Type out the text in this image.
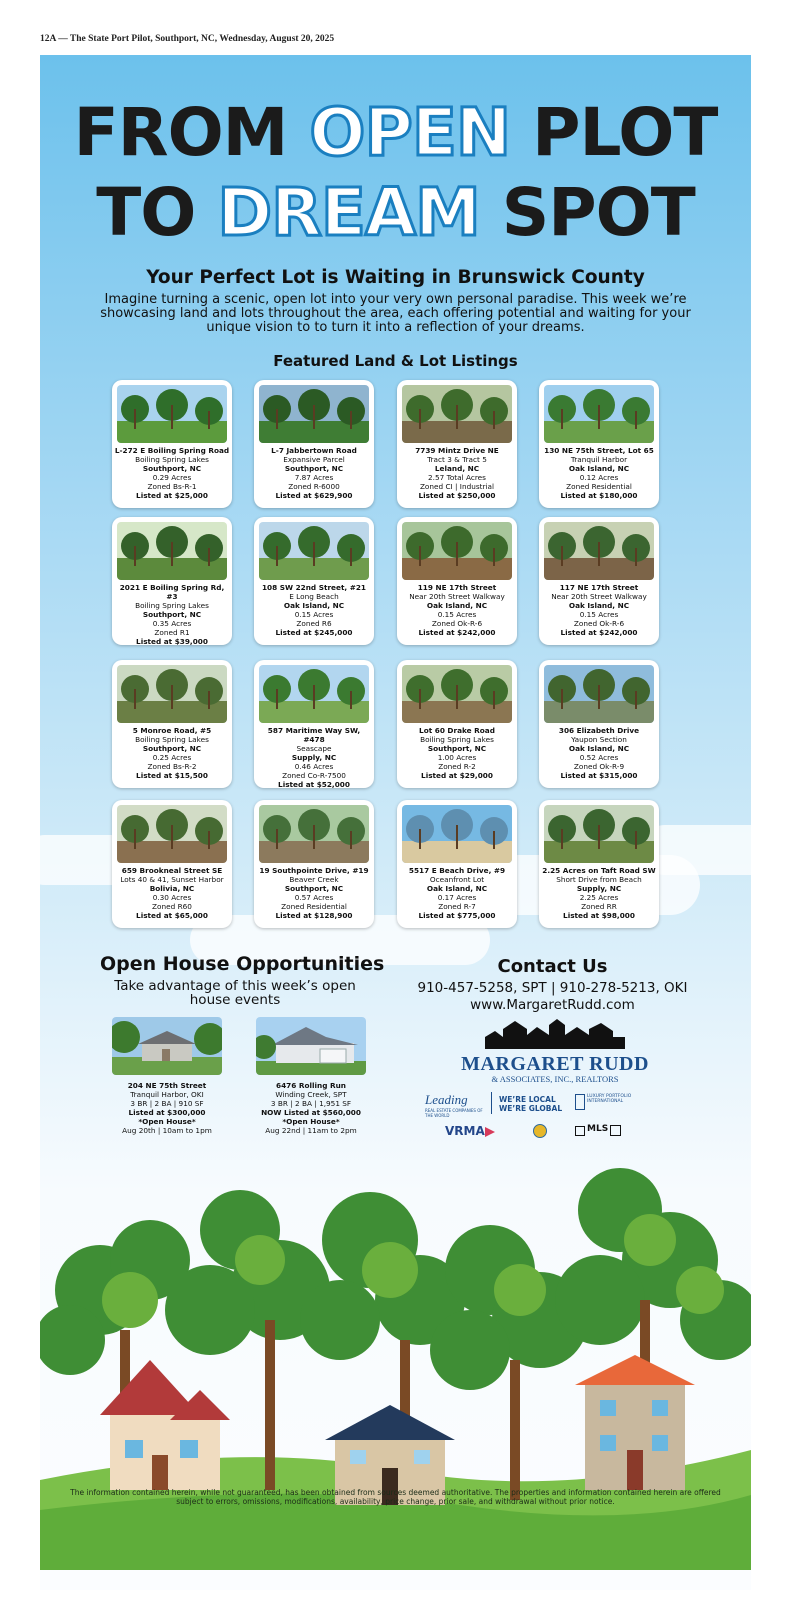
12A — The State Port Pilot, Southport, NC, Wednesday, August 20, 2025
FROM OPEN PLOT
TO DREAM SPOT
Your Perfect Lot is Waiting in Brunswick County
Imagine turning a scenic, open lot into your very own personal paradise. This week we’re showcasing land and lots throughout the area, each offering potential and waiting for your unique vision to to turn it into a reflection of your dreams.
Featured Land & Lot Listings
L-272 E Boiling Spring Road
Boiling Spring Lakes
Southport, NC
0.29 Acres
Zoned Bs-R-1
Listed at $25,000
L-7 Jabbertown Road
Expansive Parcel
Southport, NC
7.87 Acres
Zoned R-6000
Listed at $629,900
7739 Mintz Drive NE
Tract 3 & Tract 5
Leland, NC
2.57 Total Acres
Zoned CI | Industrial
Listed at $250,000
130 NE 75th Street, Lot 65
Tranquil Harbor
Oak Island, NC
0.12 Acres
Zoned Residential
Listed at $180,000
2021 E Boiling Spring Rd, #3
Boiling Spring Lakes
Southport, NC
0.35 Acres
Zoned R1
Listed at $39,000
108 SW 22nd Street, #21
E Long Beach
Oak Island, NC
0.15 Acres
Zoned R6
Listed at $245,000
119 NE 17th Street
Near 20th Street Walkway
Oak Island, NC
0.15 Acres
Zoned Ok-R-6
Listed at $242,000
117 NE 17th Street
Near 20th Street Walkway
Oak Island, NC
0.15 Acres
Zoned Ok-R-6
Listed at $242,000
5 Monroe Road, #5
Boiling Spring Lakes
Southport, NC
0.25 Acres
Zoned Bs-R-2
Listed at $15,500
587 Maritime Way SW, #478
Seascape
Supply, NC
0.46 Acres
Zoned Co-R-7500
Listed at $52,000
Lot 60 Drake Road
Boiling Spring Lakes
Southport, NC
1.00 Acres
Zoned R-2
Listed at $29,000
306 Elizabeth Drive
Yaupon Section
Oak Island, NC
0.52 Acres
Zoned Ok-R-9
Listed at $315,000
659 Brookneal Street SE
Lots 40 & 41, Sunset Harbor
Bolivia, NC
0.30 Acres
Zoned R60
Listed at $65,000
19 Southpointe Drive, #19
Beaver Creek
Southport, NC
0.57 Acres
Zoned Residential
Listed at $128,900
5517 E Beach Drive, #9
Oceanfront Lot
Oak Island, NC
0.17 Acres
Zoned R-7
Listed at $775,000
2.25 Acres on Taft Road SW
Short Drive from Beach
Supply, NC
2.25 Acres
Zoned RR
Listed at $98,000
Open House Opportunities
Take advantage of this week’s open house events
204 NE 75th Street
Tranquil Harbor, OKI
3 BR | 2 BA | 910 SF
Listed at $300,000
*Open House*
Aug 20th | 10am to 1pm
6476 Rolling Run
Winding Creek, SPT
3 BR | 2 BA | 1,951 SF
NOW Listed at $560,000
*Open House*
Aug 22nd | 11am to 2pm
Contact Us
910-457-5258, SPT | 910-278-5213, OKI
www.MargaretRudd.com
MARGARET RUDD
& ASSOCIATES, INC., REALTORS
Leading
REAL ESTATE COMPANIES OF THE WORLD
WE’RE LOCAL
WE’RE GLOBAL
LUXURY PORTFOLIO INTERNATIONAL
VRMA	MLS
The information contained herein, while not guaranteed, has been obtained from sources deemed authoritative. The properties and information contained herein are offered subject to errors, omissions, modifications, availability, price change, prior sale, and withdrawal without prior notice.
